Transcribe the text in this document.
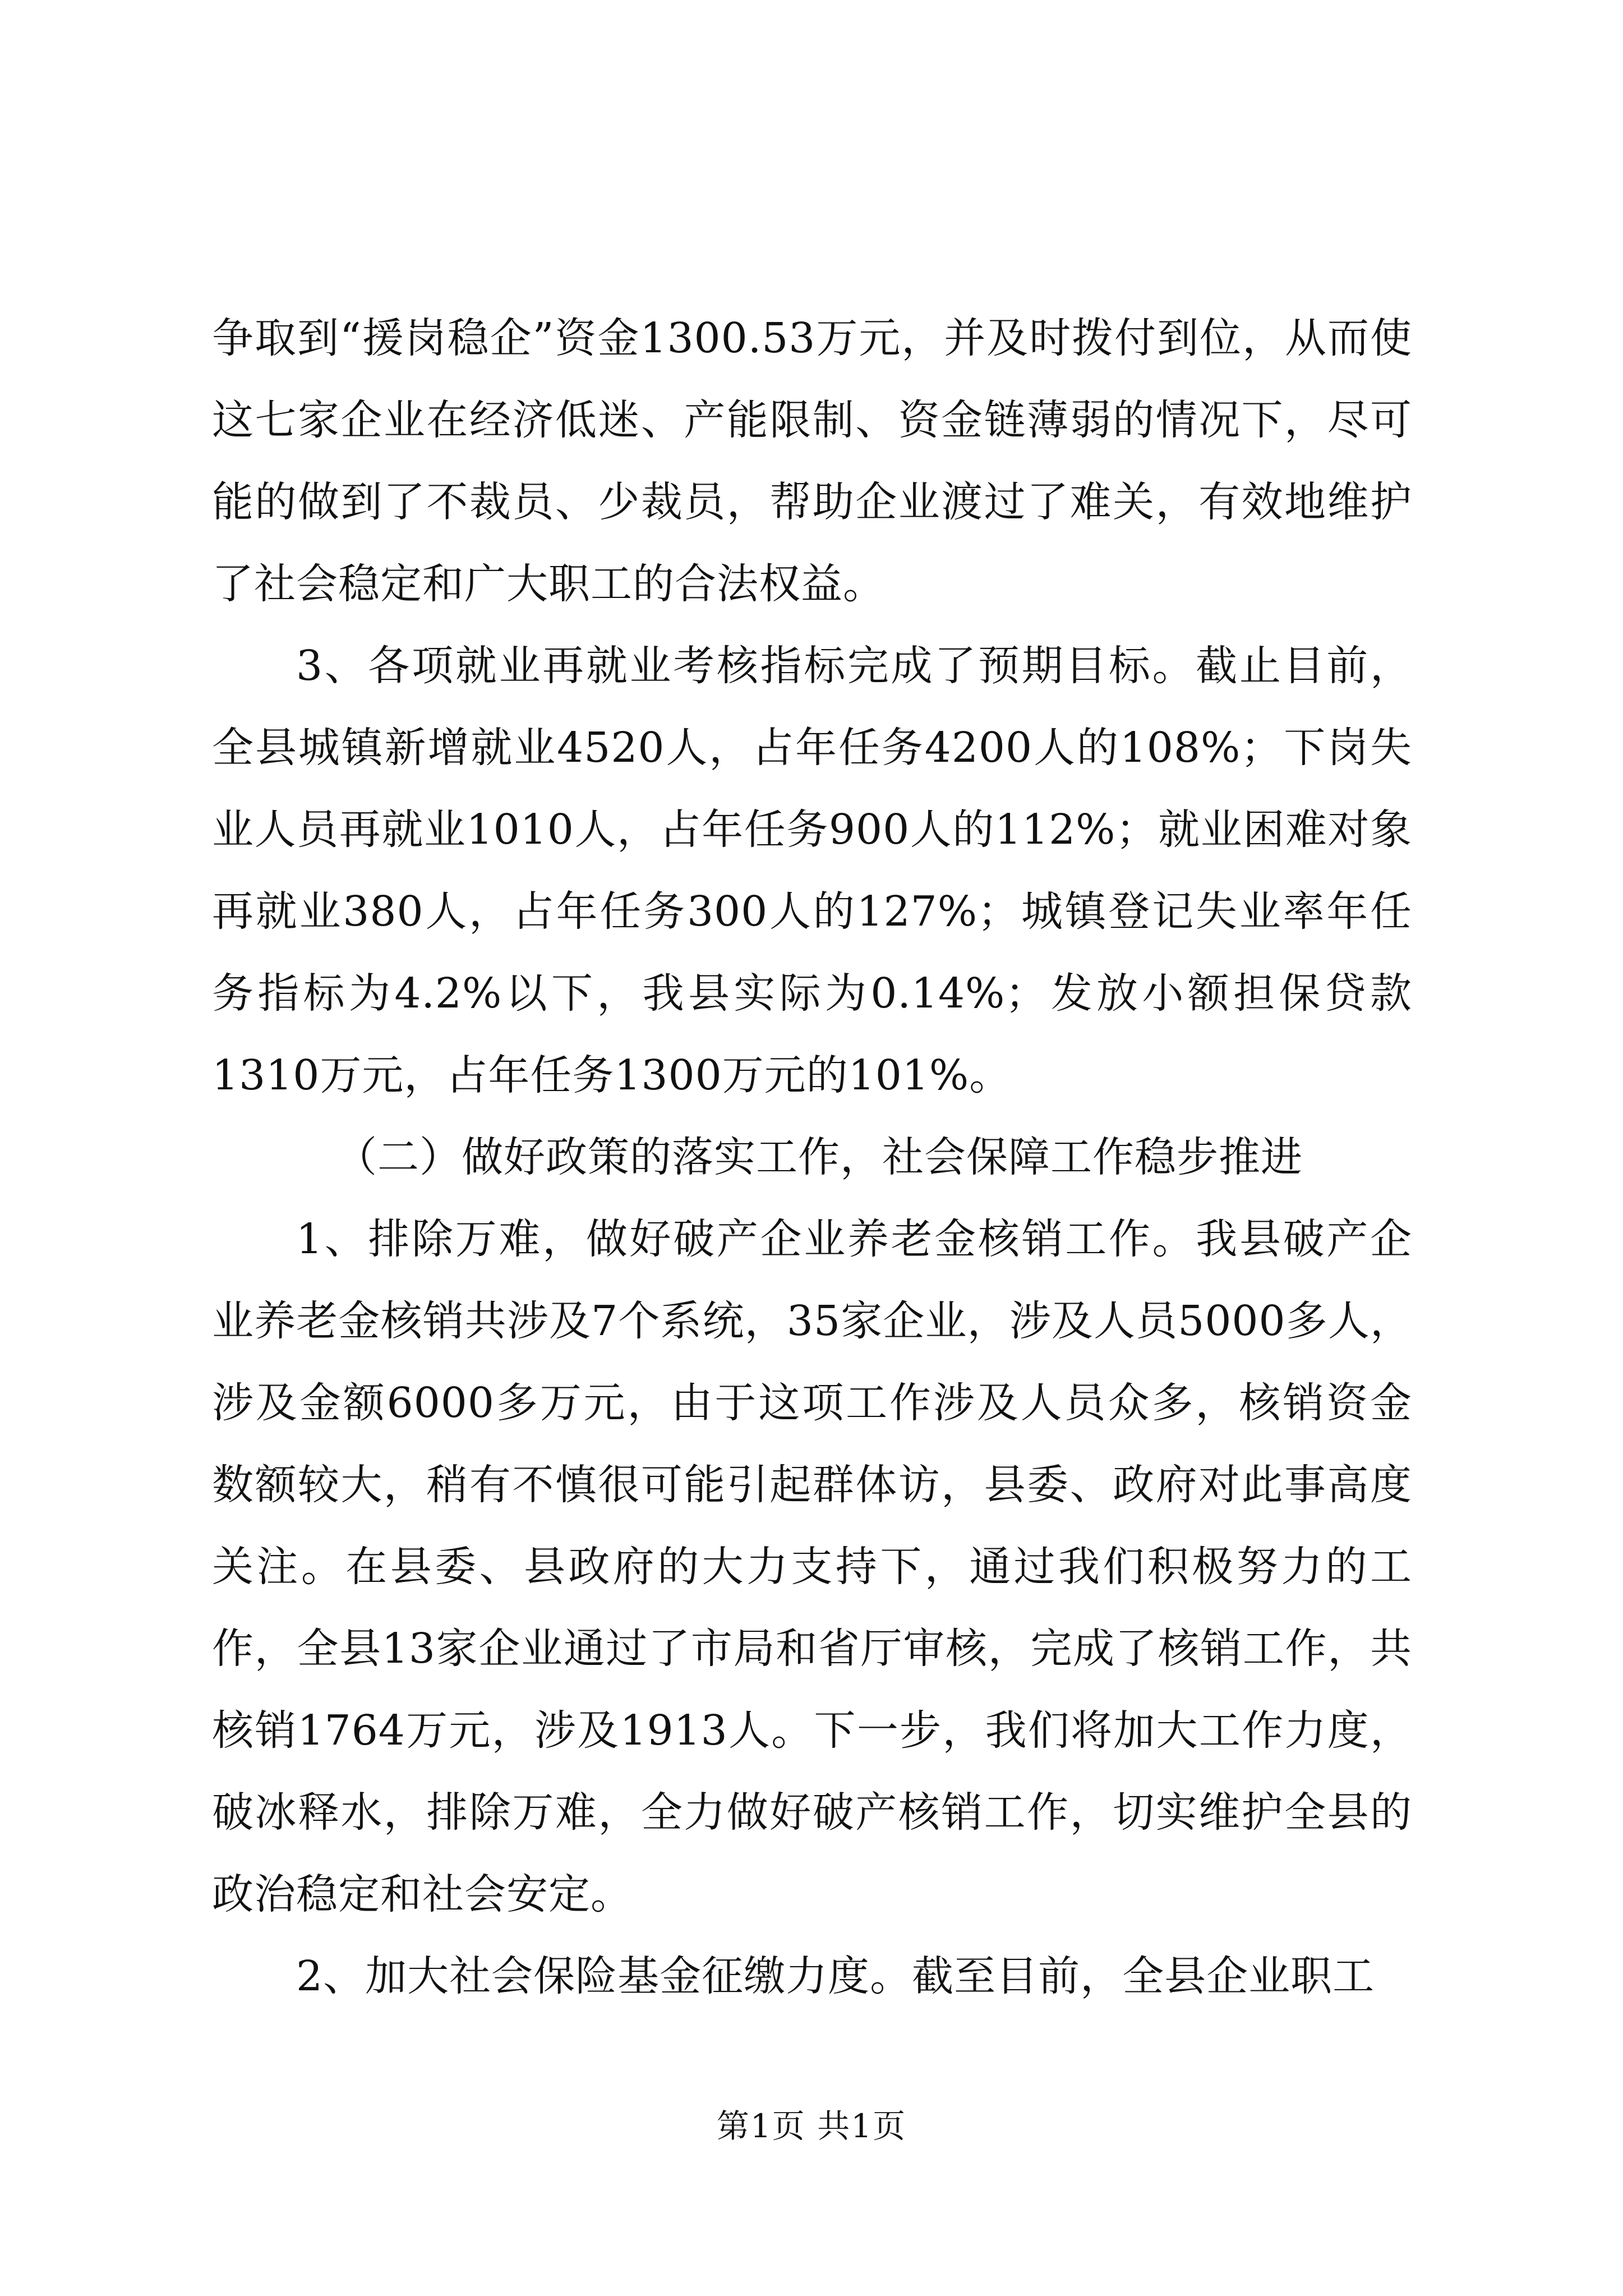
争取到“援岗稳企”资金1300.53万元，并及时拨付到位，从而使这七家企业在经济低迷、产能限制、资金链薄弱的情况下，尽可能的做到了不裁员、少裁员，帮助企业渡过了难关，有效地维护了社会稳定和广大职工的合法权益。

3、各项就业再就业考核指标完成了预期目标。截止目前，全县城镇新增就业4520人，占年任务4200人的108%；下岗失业人员再就业1010人，占年任务900人的112%；就业困难对象再就业380人，占年任务300人的127%；城镇登记失业率年任务指标为4.2%以下，我县实际为0.14%；发放小额担保贷款1310万元，占年任务1300万元的101%。

（二）做好政策的落实工作，社会保障工作稳步推进

1、排除万难，做好破产企业养老金核销工作。我县破产企业养老金核销共涉及7个系统，35家企业，涉及人员5000多人，涉及金额6000多万元，由于这项工作涉及人员众多，核销资金数额较大，稍有不慎很可能引起群体访，县委、政府对此事高度关注。在县委、县政府的大力支持下，通过我们积极努力的工作，全县13家企业通过了市局和省厅审核，完成了核销工作，共核销1764万元，涉及1913人。下一步，我们将加大工作力度，破冰释水，排除万难，全力做好破产核销工作，切实维护全县的政治稳定和社会安定。

2、加大社会保险基金征缴力度。截至目前，全县企业职工

第1页 共1页
